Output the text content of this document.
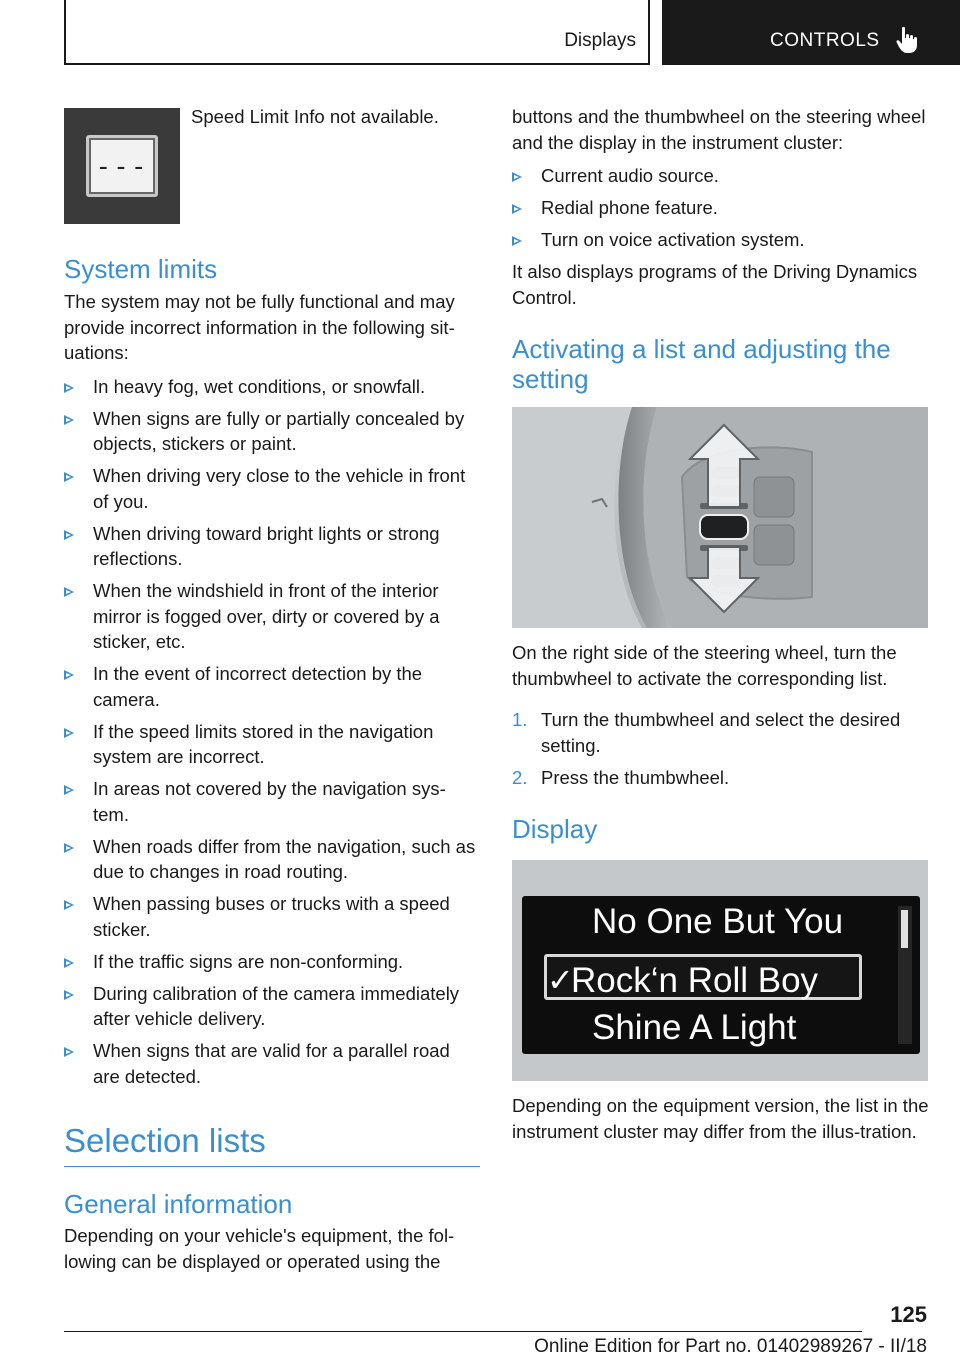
Displays	CONTROLS
---
Speed Limit Info not available.
System limits

The system may not be fully functional and may provide incorrect information in the following sit-uations:

In heavy fog, wet conditions, or snowfall.
When signs are fully or partially concealed by objects, stickers or paint.
When driving very close to the vehicle in front of you.
When driving toward bright lights or strong reflections.
When the windshield in front of the interior mirror is fogged over, dirty or covered by a sticker, etc.
In the event of incorrect detection by the camera.
If the speed limits stored in the navigation system are incorrect.
In areas not covered by the navigation sys-tem.
When roads differ from the navigation, such as due to changes in road routing.
When passing buses or trucks with a speed sticker.
If the traffic signs are non-conforming.
During calibration of the camera immediately after vehicle delivery.
When signs that are valid for a parallel road are detected.
Selection lists
General information

Depending on your vehicle's equipment, the fol-lowing can be displayed or operated using the

buttons and the thumbwheel on the steering wheel and the display in the instrument cluster:

Current audio source.
Redial phone feature.
Turn on voice activation system.

It also displays programs of the Driving Dynamics Control.

Activating a list and adjusting the setting

On the right side of the steering wheel, turn the thumbwheel to activate the corresponding list.

1. Turn the thumbwheel and select the desired setting.
2. Press the thumbwheel.
Display
No One But You
✓
Rock‘n Roll Boy
Shine A Light

Depending on the equipment version, the list in the instrument cluster may differ from the illus-tration.

125
Online Edition for Part no. 01402989267 - II/18
